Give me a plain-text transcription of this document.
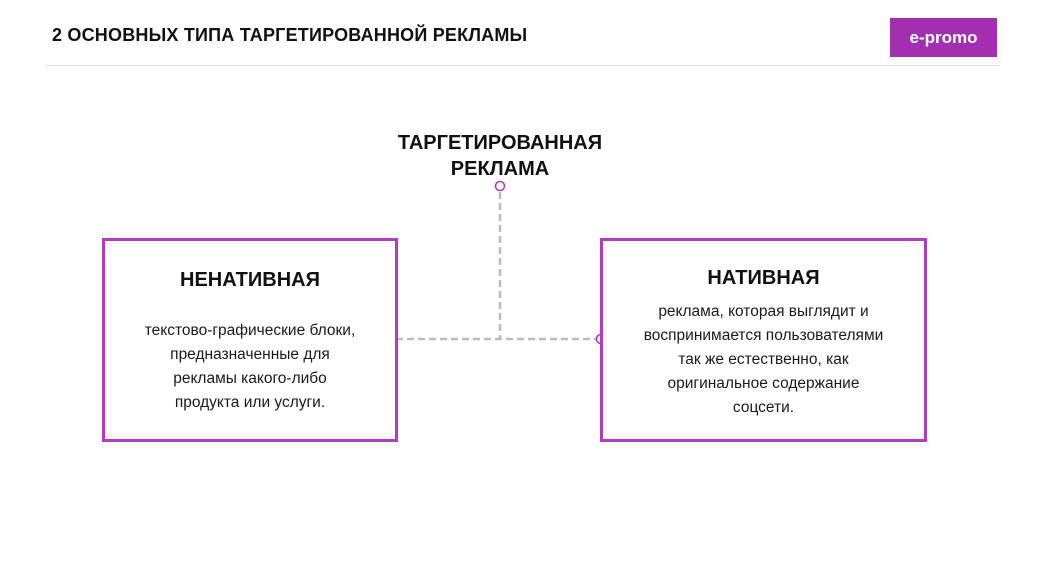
2 ОСНОВНЫХ ТИПА ТАРГЕТИРОВАННОЙ РЕКЛАМЫ	e-promo
ТАРГЕТИРОВАННАЯ
РЕКЛАМА
НЕНАТИВНАЯ
текстово-графические блоки,
предназначенные для
рекламы какого-либо
продукта или услуги.
НАТИВНАЯ
реклама, которая выглядит и
воспринимается пользователями
так же естественно, как
оригинальное содержание
соцсети.
